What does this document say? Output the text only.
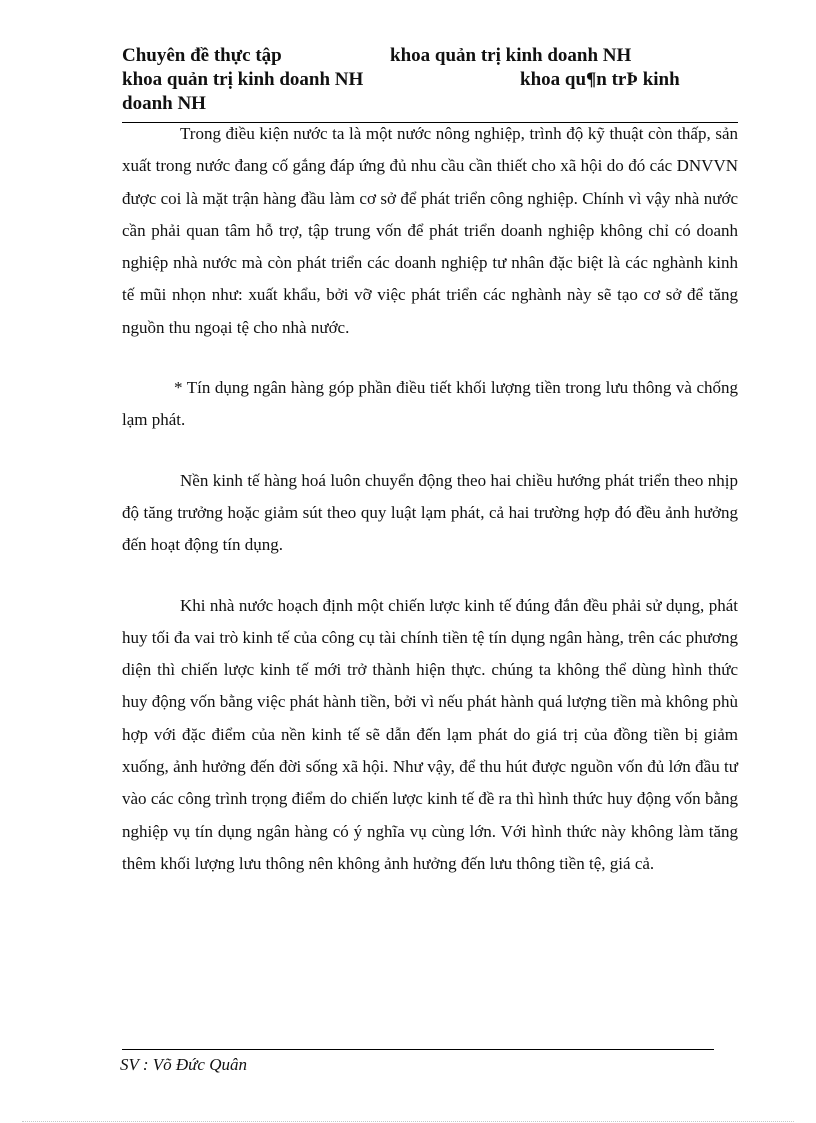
Chuyên đề thực tập	khoa quản trị kinh doanh NH
khoa quản trị kinh doanh NH	khoa qu¶n trÞ kinh
doanh NH

Trong điều kiện nước ta là một nước nông nghiệp, trình độ kỹ thuật còn thấp, sản xuất trong nước đang cố gắng đáp ứng đủ nhu cầu cần thiết cho xã hội do đó các DNVVN được coi là mặt trận hàng đầu làm cơ sở để phát triển công nghiệp. Chính vì vậy nhà nước cần phải quan tâm hỗ trợ, tập trung vốn để phát triển doanh nghiệp không chỉ có doanh nghiệp nhà nước mà còn phát triển các doanh nghiệp tư nhân đặc biệt là các nghành kinh tế mũi nhọn như: xuất khẩu, bởi vỡ việc phát triển các nghành này sẽ tạo cơ sở để tăng nguồn thu ngoại tệ cho nhà nước.

* Tín dụng ngân hàng góp phần điều tiết khối lượng tiền trong lưu thông và chống lạm phát.

Nền kinh tế hàng hoá luôn chuyển động theo hai chiều hướng phát triển theo nhịp độ tăng trưởng hoặc giảm sút theo quy luật lạm phát, cả hai trường hợp đó đều ảnh hưởng đến hoạt động tín dụng.

Khi nhà nước hoạch định một chiến lược kinh tế đúng đắn đều phải sử dụng, phát huy tối đa vai trò kinh tế của công cụ tài chính tiền tệ tín dụng ngân hàng, trên các phương diện thì chiến lược kinh tế mới trở thành hiện thực. chúng ta không thể dùng hình thức huy động vốn bằng việc phát hành tiền, bởi vì nếu phát hành quá lượng tiền mà không phù hợp với đặc điểm của nền kinh tế sẽ dẫn đến lạm phát do giá trị của đồng tiền bị giảm xuống, ảnh hưởng đến đời sống xã hội. Như vậy, để thu hút được nguồn vốn đủ lớn đầu tư vào các công trình trọng điểm do chiến lược kinh tế đề ra thì hình thức huy động vốn bằng nghiệp vụ tín dụng ngân hàng có ý nghĩa vụ cùng lớn. Với hình thức này không làm tăng thêm khối lượng lưu thông nên không ảnh hưởng đến lưu thông tiền tệ, giá cả.

SV : Võ Đức Quân
